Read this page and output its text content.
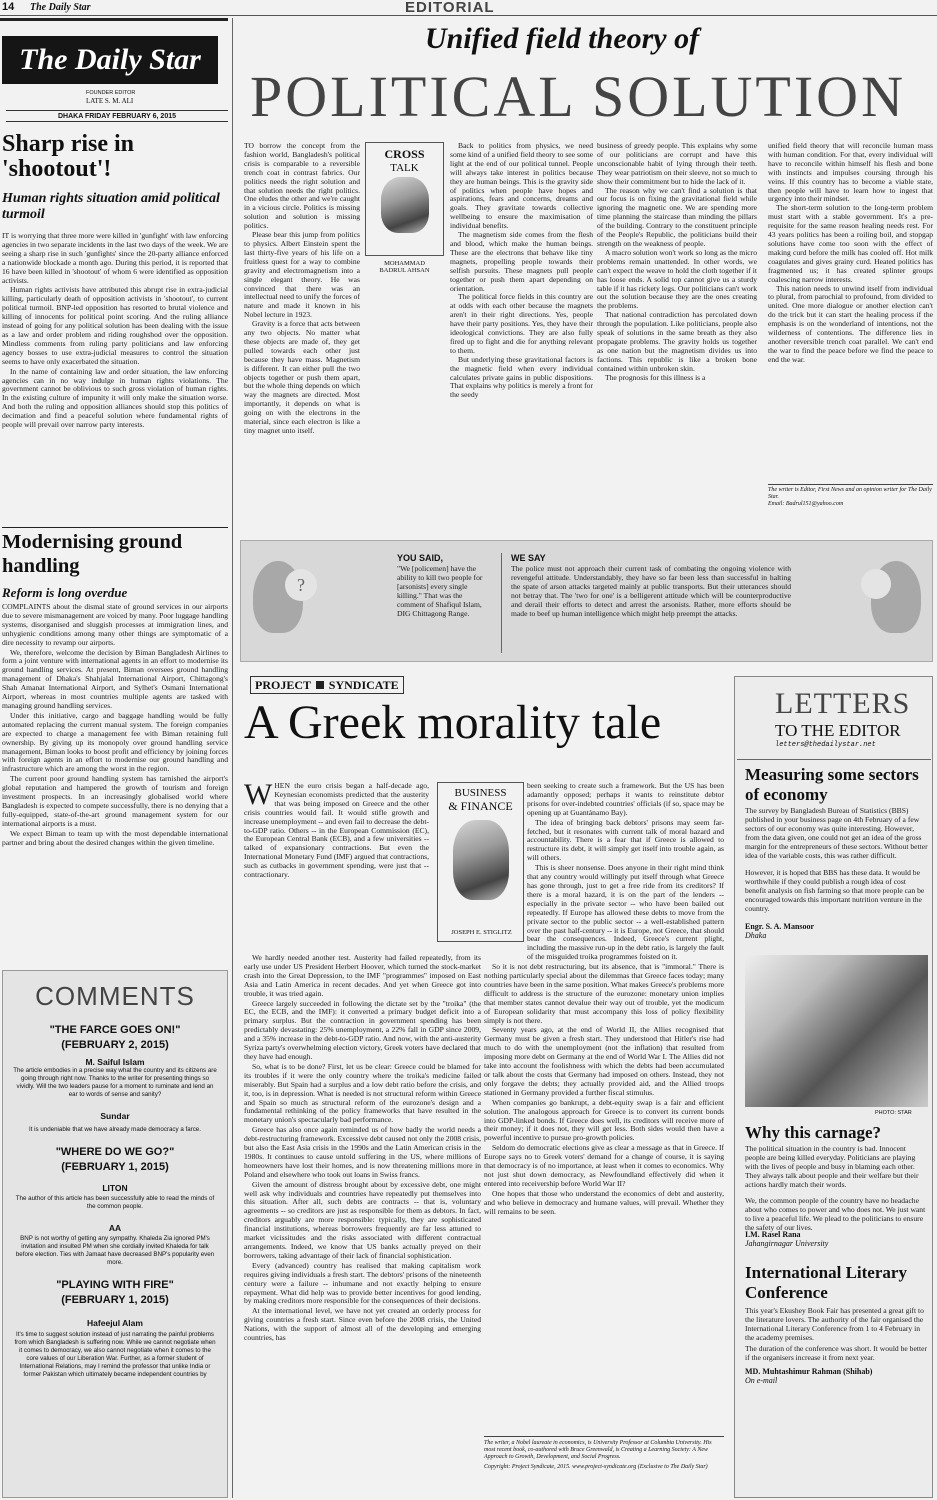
14 The Daily Star	EDITORIAL
The Daily Star
FOUNDER EDITOR
LATE S. M. ALI
DHAKA FRIDAY FEBRUARY 6, 2015
Sharp rise in 'shootout'!
Human rights situation amid political turmoil

IT is worrying that three more were killed in 'gunfight' with law enforcing agencies in two separate incidents in the last two days of the week. We are seeing a sharp rise in such 'gunfights' since the 20-party alliance enforced a nationwide blockade a month ago. During this period, it is reported that 16 have been killed in 'shootout' of whom 6 were identified as opposition activists.

Human rights activists have attributed this abrupt rise in extra-judicial killing, particularly death of opposition activists in 'shootout', to current political turmoil. BNP-led opposition has resorted to brutal violence and killing of innocents for political point scoring. And the ruling alliance instead of going for any political solution has been dealing with the issue as a law and order problem and riding roughshod over the opposition. Mindless comments from ruling party politicians and law enforcing agency bosses to use extra-judicial measures to control the situation seems to have only exacerbated the situation.

In the name of containing law and order situation, the law enforcing agencies can in no way indulge in human rights violations. The government cannot be oblivious to such gross violation of human rights. In the existing culture of impunity it will only make the situation worse. And both the ruling and opposition alliances should stop this politics of decimation and find a peaceful solution where fundamental rights of people will prevail over narrow party interests.

Modernising ground handling
Reform is long overdue

COMPLAINTS about the dismal state of ground services in our airports due to severe mismanagement are voiced by many. Poor luggage handling systems, disorganised and sluggish processes at immigration lines, and unhygienic conditions among many other things are symptomatic of a dire necessity to revamp our airports.

We, therefore, welcome the decision by Biman Bangladesh Airlines to form a joint venture with international agents in an effort to modernise its ground handling services. At present, Biman oversees ground handling management of Dhaka's Shahjalal International Airport, Chittagong's Shah Amanat International Airport, and Sylhet's Osmani International Airport, whereas in most countries multiple agents are tasked with managing ground handling services.

Under this initiative, cargo and baggage handling would be fully automated replacing the current manual system. The foreign companies are expected to charge a management fee with Biman retaining full ownership. By giving up its monopoly over ground handling service management, Biman looks to boost profit and efficiency by joining forces with foreign agents in an effort to modernise our ground handling and infrastructure which are among the worst in the region.

The current poor ground handling system has tarnished the airport's global reputation and hampered the growth of tourism and foreign investment prospects. In an increasingly globalised world where Bangladesh is expected to compete successfully, there is no denying that a fully-equipped, state-of-the-art ground management system for our international airports is a must.

We expect Biman to team up with the most dependable international partner and bring about the desired changes within the given timeline.

COMMENTS
"THE FARCE GOES ON!"
(FEBRUARY 2, 2015)
M. Saiful Islam
The article embodies in a precise way what the country and its citizens are going through right now. Thanks to the writer for presenting things so vividly. Will the two leaders pause for a moment to ruminate and lend an ear to words of sense and sanity?
Sundar
It is undeniable that we have already made democracy a farce.
"WHERE DO WE GO?"
(FEBRUARY 1, 2015)
LITON
The author of this article has been successfully able to read the minds of the common people.
AA
BNP is not worthy of getting any sympathy. Khaleda Zia ignored PM's invitation and insulted PM when she cordially invited Khaleda for talk before election. Ties with Jamaat have decreased BNP's popularity even more.
"PLAYING WITH FIRE"
(FEBRUARY 1, 2015)
Hafeejul Alam
It's time to suggest solution instead of just narrating the painful problems from which Bangladesh is suffering now. While we cannot negotiate when it comes to democracy, we also cannot negotiate when it comes to the core values of our Liberation War. Further, as a former student of International Relations, may I remind the professor that unlike India or former Pakistan which ultimately became independent countries by
Unified field theory of
POLITICAL SOLUTION
TO borrow the concept from the fashion world, Bangladesh's political crisis is comparable to a reversible trench coat in contrast fabrics. Our politics needs the right solution and that solution needs the right politics. One eludes the other and we're caught in a vicious circle. Politics is missing solution and solution is missing politics.
Please bear this jump from politics to physics. Albert Einstein spent the last thirty-five years of his life on a fruitless quest for a way to combine gravity and electromagnetism into a single elegant theory. He was convinced that there was an intellectual need to unify the forces of nature and made it known in his Nobel lecture in 1923.
Gravity is a force that acts between any two objects. No matter what these objects are made of, they get pulled towards each other just because they have mass. Magnetism is different. It can either pull the two objects together or push them apart, but the whole thing depends on which way the magnets are directed. Most importantly, it depends on what is going on with the electrons in the material, since each electron is like a tiny magnet unto itself.
CROSS
TALK
MOHAMMAD
BADRUL AHSAN
Back to politics from physics, we need some kind of a unified field theory to see some light at the end of our political tunnel. People will always take interest in politics because they are human beings. This is the gravity side of politics when people have hopes and aspirations, fears and concerns, dreams and goals. They gravitate towards collective wellbeing to ensure the maximisation of individual benefits.
The magnetism side comes from the flesh and blood, which make the human beings. These are the electrons that behave like tiny magnets, propelling people towards their selfish pursuits. These magnets pull people together or push them apart depending on orientation.
The political force fields in this country are at odds with each other because the magnets aren't in their right directions. Yes, people have their party positions. Yes, they have their ideological convictions. They are also fully fired up to fight and die for anything relevant to them.
But underlying these gravitational factors is the magnetic field when every individual calculates private gains in public dispositions. That explains why politics is merely a front for the seedy
business of greedy people. This explains why some of our politicians are corrupt and have this unconscionable habit of lying through their teeth. They wear patriotism on their sleeve, not so much to show their commitment but to hide the lack of it.
The reason why we can't find a solution is that our focus is on fixing the gravitational field while ignoring the magnetic one. We are spending more time planning the staircase than minding the pillars of the building. Contrary to the constituent principle of the People's Republic, the politicians build their strength on the weakness of people.
A macro solution won't work so long as the micro problems remain unattended. In other words, we can't expect the weave to hold the cloth together if it has loose ends. A solid top cannot give us a sturdy table if it has rickety legs. Our politicians can't work out the solution because they are the ones creating the problems.
That national contradiction has percolated down through the population. Like politicians, people also speak of solutions in the same breath as they also propagate problems. The gravity holds us together as one nation but the magnetism divides us into factions. This republic is like a broken bone contained within unbroken skin.
The prognosis for this illness is a
unified field theory that will reconcile human mass with human condition. For that, every individual will have to reconcile within himself his flesh and bone with instincts and impulses coursing through his veins. If this country has to become a viable state, then people will have to learn how to ingest that urgency into their mindset.
The short-term solution to the long-term problem must start with a stable government. It's a pre-requisite for the same reason healing needs rest. For 43 years politics has been a roiling boil, and stopgap solutions have come too soon with the effect of making curd before the milk has cooled off. Hot milk coagulates and gives grainy curd. Heated politics has fragmented us; it has created splinter groups coalescing narrow interests.
This nation needs to unwind itself from individual to plural, from parochial to profound, from divided to united. One more dialogue or another election can't do the trick but it can start the healing process if the emphasis is on the wonderland of intentions, not the wilderness of contentions. The difference lies in another reversible trench coat parallel. We can't end the war to find the peace before we find the peace to end the war.
The writer is Editor, First News and an opinion writer for The Daily Star.
Email: Badrul151@yahoo.com
?
YOU SAID,
"We [policemen] have the ability to kill two people for [arsonists] every single killing." That was the comment of Shafiqul Islam, DIG Chittagong Range.
WE SAY
The police must not approach their current task of combating the ongoing violence with revengeful attitude. Understandably, they have so far been less than successful in halting the spate of arson attacks targeted mainly at public transports. But their utterances should not betray that. The 'two for one' is a belligerent attitude which will be counterproductive and derail their efforts to detect and arrest the arsonists. Rather, more efforts should be made to beef up human intelligence which might help preempt the attacks.
PROJECT SYNDICATE
A Greek morality tale
WHEN the euro crisis began a half-decade ago, Keynesian economists predicted that the austerity that was being imposed on Greece and the other crisis countries would fail. It would stifle growth and increase unemployment -- and even fail to decrease the debt-to-GDP ratio. Others -- in the European Commission (EC), the European Central Bank (ECB), and a few universities -- talked of expansionary contractions. But even the International Monetary Fund (IMF) argued that contractions, such as cutbacks in government spending, were just that -- contractionary.
BUSINESS
& FINANCE
JOSEPH E. STIGLITZ

We hardly needed another test. Austerity had failed repeatedly, from its early use under US President Herbert Hoover, which turned the stock-market crash into the Great Depression, to the IMF "programmes" imposed on East Asia and Latin America in recent decades. And yet when Greece got into trouble, it was tried again.

Greece largely succeeded in following the dictate set by the "troika" (the EC, the ECB, and the IMF): it converted a primary budget deficit into a primary surplus. But the contraction in government spending has been predictably devastating: 25% unemployment, a 22% fall in GDP since 2009, and a 35% increase in the debt-to-GDP ratio. And now, with the anti-austerity Syriza party's overwhelming election victory, Greek voters have declared that they have had enough.

So, what is to be done? First, let us be clear: Greece could be blamed for its troubles if it were the only country where the troika's medicine failed miserably. But Spain had a surplus and a low debt ratio before the crisis, and it, too, is in depression. What is needed is not structural reform within Greece and Spain so much as structural reform of the eurozone's design and a fundamental rethinking of the policy frameworks that have resulted in the monetary union's spectacularly bad performance.

Greece has also once again reminded us of how badly the world needs a debt-restructuring framework. Excessive debt caused not only the 2008 crisis, but also the East Asia crisis in the 1990s and the Latin American crisis in the 1980s. It continues to cause untold suffering in the US, where millions of homeowners have lost their homes, and is now threatening millions more in Poland and elsewhere who took out loans in Swiss francs.

Given the amount of distress brought about by excessive debt, one might well ask why individuals and countries have repeatedly put themselves into this situation. After all, such debts are contracts -- that is, voluntary agreements -- so creditors are just as responsible for them as debtors. In fact, creditors arguably are more responsible: typically, they are sophisticated financial institutions, whereas borrowers frequently are far less attuned to market vicissitudes and the risks associated with different contractual arrangements. Indeed, we know that US banks actually preyed on their borrowers, taking advantage of their lack of financial sophistication.

Every (advanced) country has realised that making capitalism work requires giving individuals a fresh start. The debtors' prisons of the nineteenth century were a failure -- inhumane and not exactly helping to ensure repayment. What did help was to provide better incentives for good lending, by making creditors more responsible for the consequences of their decisions.

At the international level, we have not yet created an orderly process for giving countries a fresh start. Since even before the 2008 crisis, the United Nations, with the support of almost all of the developing and emerging countries, has

been seeking to create such a framework. But the US has been adamantly opposed; perhaps it wants to reinstitute debtor prisons for over-indebted countries' officials (if so, space may be opening up at Guantánamo Bay).

The idea of bringing back debtors' prisons may seem far-fetched, but it resonates with current talk of moral hazard and accountability. There is a fear that if Greece is allowed to restructure its debt, it will simply get itself into trouble again, as will others.

This is sheer nonsense. Does anyone in their right mind think that any country would willingly put itself through what Greece has gone through, just to get a free ride from its creditors? If there is a moral hazard, it is on the part of the lenders -- especially in the private sector -- who have been bailed out repeatedly. If Europe has allowed these debts to move from the private sector to the public sector -- a well-established pattern over the past half-century -- it is Europe, not Greece, that should bear the consequences. Indeed, Greece's current plight, including the massive run-up in the debt ratio, is largely the fault of the misguided troika programmes foisted on it.

So it is not debt restructuring, but its absence, that is "immoral." There is nothing particularly special about the dilemmas that Greece faces today; many countries have been in the same position. What makes Greece's problems more difficult to address is the structure of the eurozone: monetary union implies that member states cannot devalue their way out of trouble, yet the modicum of European solidarity that must accompany this loss of policy flexibility simply is not there.

Seventy years ago, at the end of World II, the Allies recognised that Germany must be given a fresh start. They understood that Hitler's rise had much to do with the unemployment (not the inflation) that resulted from imposing more debt on Germany at the end of World War I. The Allies did not take into account the foolishness with which the debts had been accumulated or talk about the costs that Germany had imposed on others. Instead, they not only forgave the debts; they actually provided aid, and the Allied troops stationed in Germany provided a further fiscal stimulus.

When companies go bankrupt, a debt-equity swap is a fair and efficient solution. The analogous approach for Greece is to convert its current bonds into GDP-linked bonds. If Greece does well, its creditors will receive more of their money; if it does not, they will get less. Both sides would then have a powerful incentive to pursue pro-growth policies.

Seldom do democratic elections give as clear a message as that in Greece. If Europe says no to Greek voters' demand for a change of course, it is saying that democracy is of no importance, at least when it comes to economics. Why not just shut down democracy, as Newfoundland effectively did when it entered into receivership before World War II?

One hopes that those who understand the economics of debt and austerity, and who believe in democracy and humane values, will prevail. Whether they will remains to be seen.

The writer, a Nobel laureate in economics, is University Professor at Columbia University. His most recent book, co-authored with Bruce Greenwald, is Creating a Learning Society: A New Approach to Growth, Development, and Social Progress.
Copyright: Project Syndicate, 2015. www.project-syndicate.org (Exclusive to The Daily Star)
LETTERS
TO THE EDITOR
letters@thedailystar.net
Measuring some sectors of economy
The survey by Bangladesh Bureau of Statistics (BBS) published in your business page on 4th February of a few sectors of our economy was quite interesting. However, from the data given, one could not get an idea of the gross margin for the entrepreneurs of these sectors. Without better idea of the variable costs, this was rather difficult.
However, it is hoped that BBS has these data. It would be worthwhile if they could publish a rough idea of cost benefit analysis on fish farming so that more people can be encouraged towards this important nutrition venture in the country.
Engr. S. A. Mansoor
Dhaka
PHOTO: STAR
Why this carnage?
The political situation in the country is bad. Innocent people are being killed everyday. Politicians are playing with the lives of people and busy in blaming each other. They always talk about people and their welfare but their actions hardly match their words.
We, the common people of the country have no headache about who comes to power and who does not. We just want to live a peaceful life. We plead to the politicians to ensure the safety of our lives.
I.M. Rasel Rana
Jahangirnagar University
International Literary Conference
This year's Ekushey Book Fair has presented a great gift to the literature lovers. The authority of the fair organised the International Literary Conference from 1 to 4 February in the academy premises.
The duration of the conference was short. It would be better if the organisers increase it from next year.
MD. Muhtashimur Rahman (Shihab)
On e-mail
